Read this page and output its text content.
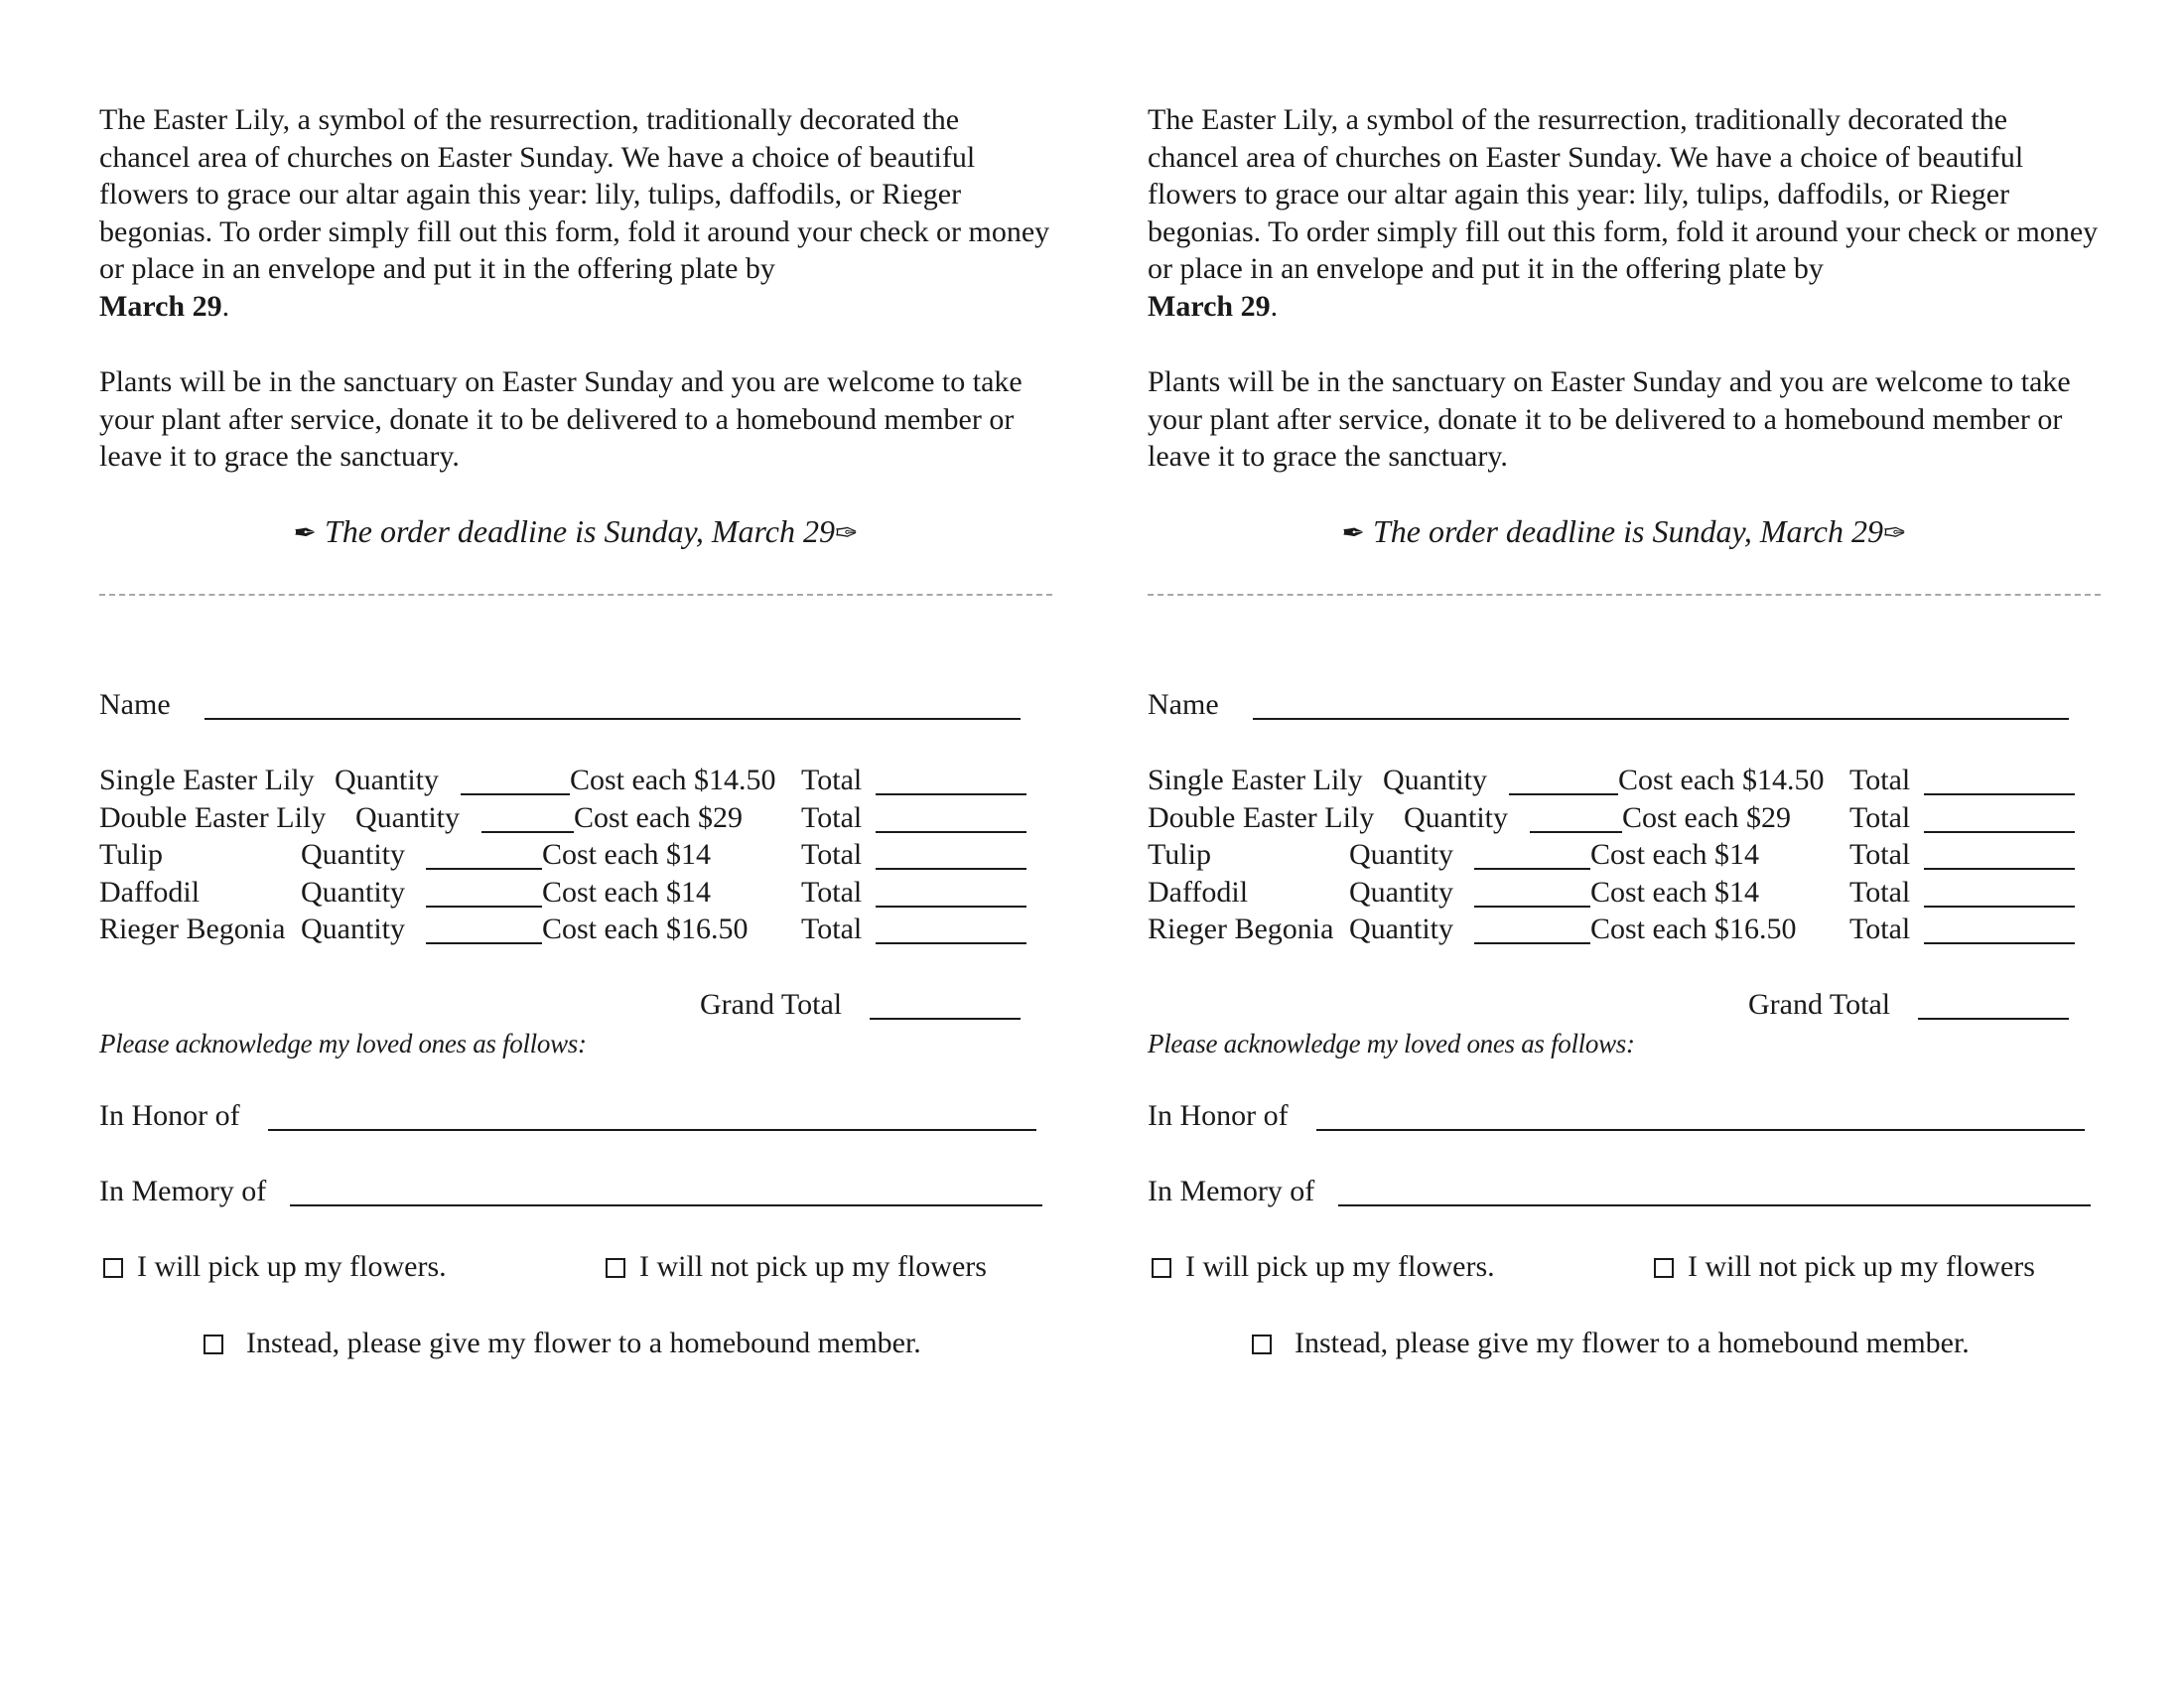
The Easter Lily, a symbol of the resurrection, traditionally decorated the chancel area of churches on Easter Sunday. We have a choice of beautiful flowers to grace our altar again this year: lily, tulips, daffodils, or Rieger begonias. To order simply fill out this form, fold it around your check or money or place in an envelope and put it in the offering plate by
March 29.

Plants will be in the sanctuary on Easter Sunday and you are welcome to take your plant after service, donate it to be delivered to a homebound member or leave it to grace the sanctuary.

✒ The order deadline is Sunday, March 29✑
Name
Single Easter Lily Quantity	Cost each $14.50 Total
Double Easter Lily Quantity	Cost each $29 Total
Tulip	Quantity	Cost each $14	Total
Daffodil	Quantity	Cost each $14	Total
Rieger Begonia Quantity	Cost each $16.50 Total
Grand Total
Please acknowledge my loved ones as follows:
In Honor of
In Memory of
I will pick up my flowers.	I will not pick up my flowers
Instead, please give my flower to a homebound member.

The Easter Lily, a symbol of the resurrection, traditionally decorated the chancel area of churches on Easter Sunday. We have a choice of beautiful flowers to grace our altar again this year: lily, tulips, daffodils, or Rieger begonias. To order simply fill out this form, fold it around your check or money or place in an envelope and put it in the offering plate by
March 29.

Plants will be in the sanctuary on Easter Sunday and you are welcome to take your plant after service, donate it to be delivered to a homebound member or leave it to grace the sanctuary.

✒ The order deadline is Sunday, March 29✑
Name
Single Easter Lily Quantity	Cost each $14.50 Total
Double Easter Lily Quantity	Cost each $29 Total
Tulip	Quantity	Cost each $14	Total
Daffodil	Quantity	Cost each $14	Total
Rieger Begonia Quantity	Cost each $16.50 Total
Grand Total
Please acknowledge my loved ones as follows:
In Honor of
In Memory of
I will pick up my flowers.	I will not pick up my flowers
Instead, please give my flower to a homebound member.
